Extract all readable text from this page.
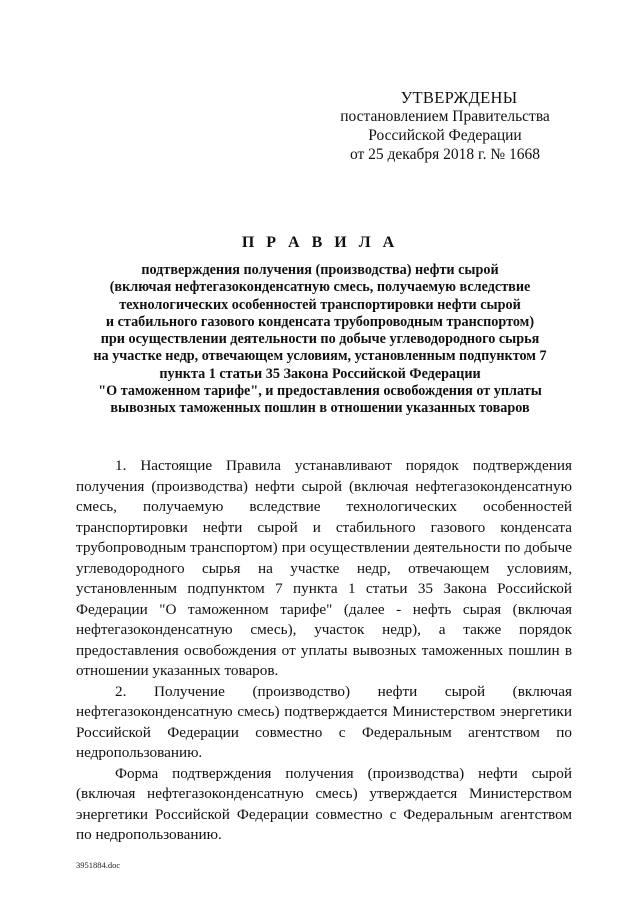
УТВЕРЖДЕНЫ
постановлением Правительства
Российской Федерации
от 25 декабря 2018 г. № 1668
П Р А В И Л А
подтверждения получения (производства) нефти сырой
(включая нефтегазоконденсатную смесь, получаемую вследствие
технологических особенностей транспортировки нефти сырой
и стабильного газового конденсата трубопроводным транспортом)
при осуществлении деятельности по добыче углеводородного сырья
на участке недр, отвечающем условиям, установленным подпунктом 7
пункта 1 статьи 35 Закона Российской Федерации
"О таможенном тарифе", и предоставления освобождения от уплаты
вывозных таможенных пошлин в отношении указанных товаров

1. Настоящие Правила устанавливают порядок подтверждения получения (производства) нефти сырой (включая нефтегазоконденсатную смесь, получаемую вследствие технологических особенностей транспортировки нефти сырой и стабильного газового конденсата трубопроводным транспортом) при осуществлении деятельности по добыче углеводородного сырья на участке недр, отвечающем условиям, установленным подпунктом 7 пункта 1 статьи 35 Закона Российской Федерации "О таможенном тарифе" (далее - нефть сырая (включая нефтегазоконденсатную смесь), участок недр), а также порядок предоставления освобождения от уплаты вывозных таможенных пошлин в отношении указанных товаров.

2. Получение (производство) нефти сырой (включая нефтегазоконденсатную смесь) подтверждается Министерством энергетики Российской Федерации совместно с Федеральным агентством по недропользованию.

Форма подтверждения получения (производства) нефти сырой (включая нефтегазоконденсатную смесь) утверждается Министерством энергетики Российской Федерации совместно с Федеральным агентством по недропользованию.

3951884.doc
